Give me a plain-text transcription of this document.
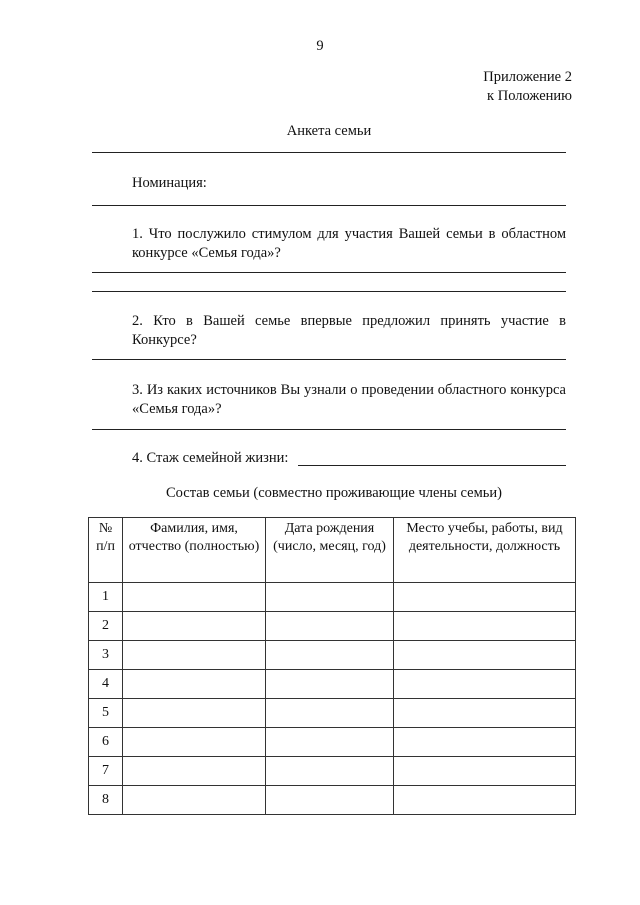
9
Приложение 2
к Положению
Анкета семьи
Номинация:
1. Что послужило стимулом для участия Вашей семьи в областном конкурсе «Семья года»?
2. Кто в Вашей семье впервые предложил принять участие в Конкурсе?
3. Из каких источников Вы узнали о проведении областного конкурса «Семья года»?
4. Стаж семейной жизни:
Состав семьи (совместно проживающие члены семьи)
№ п/п	Фамилия, имя, отчество (полностью)	Дата рождения (число, месяц, год)	Место учебы, работы, вид деятельности, должность
1			
2			
3			
4			
5			
6			
7			
8			
